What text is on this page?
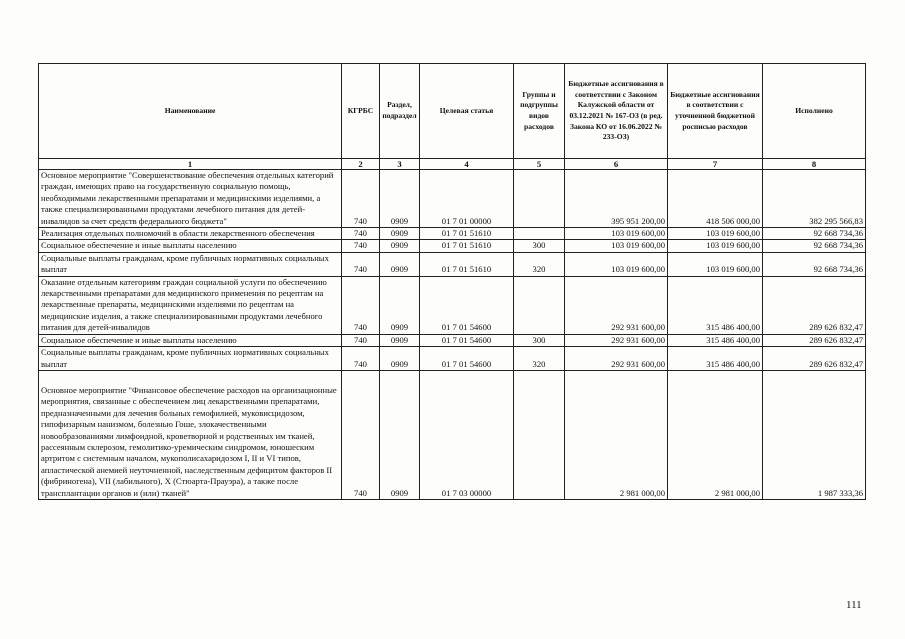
Наименование	КГРБС	Раздел, подраздел	Целевая статья	Группы и подгруппы видов расходов	Бюджетные ассигнования в соответствии с Законом Калужской области от 03.12.2021 № 167-ОЗ (в ред. Закона КО от 16.06.2022 № 233-ОЗ)	Бюджетные ассигнования в соответствии с уточненной бюджетной росписью расходов	Исполнено
1	2	3	4	5	6	7	8
Основное мероприятие "Совершенствование обеспечения отдельных категорий граждан, имеющих право на государственную социальную помощь, необходимыми лекарственными препаратами и медицинскими изделиями, а также специализированными продуктами лечебного питания для детей-инвалидов за счет средств федерального бюджета"	740	0909	01 7 01 00000		395 951 200,00	418 506 000,00	382 295 566,83
Реализация отдельных полномочий в области лекарственного обеспечения	740	0909	01 7 01 51610		103 019 600,00	103 019 600,00	92 668 734,36
Социальное обеспечение и иные выплаты населению	740	0909	01 7 01 51610	300	103 019 600,00	103 019 600,00	92 668 734,36
Социальные выплаты гражданам, кроме публичных нормативных социальных выплат	740	0909	01 7 01 51610	320	103 019 600,00	103 019 600,00	92 668 734,36
Оказание отдельным категориям граждан социальной услуги по обеспечению лекарственными препаратами для медицинского применения по рецептам на лекарственные препараты, медицинскими изделиями по рецептам на медицинские изделия, а также специализированными продуктами лечебного питания для детей-инвалидов	740	0909	01 7 01 54600		292 931 600,00	315 486 400,00	289 626 832,47
Социальное обеспечение и иные выплаты населению	740	0909	01 7 01 54600	300	292 931 600,00	315 486 400,00	289 626 832,47
Социальные выплаты гражданам, кроме публичных нормативных социальных выплат	740	0909	01 7 01 54600	320	292 931 600,00	315 486 400,00	289 626 832,47
Основное мероприятие "Финансовое обеспечение расходов на организационные мероприятия, связанные с обеспечением лиц лекарственными препаратами, предназначенными для лечения больных гемофилией, муковисцидозом, гипофизарным нанизмом, болезнью Гоше, злокачественными новообразованиями лимфоидной, кроветворной и родственных им тканей, рассеянным склерозом, гемолитико-уремическим синдромом, юношеским артритом с системным началом, мукополисахаридозом I, II и VI типов, апластической анемией неуточненной, наследственным дефицитом факторов II (фибриногена), VII (лабильного), X (Стюарта-Прауэра), а также после трансплантации органов и (или) тканей"	740	0909	01 7 03 00000		2 981 000,00	2 981 000,00	1 987 333,36
111
